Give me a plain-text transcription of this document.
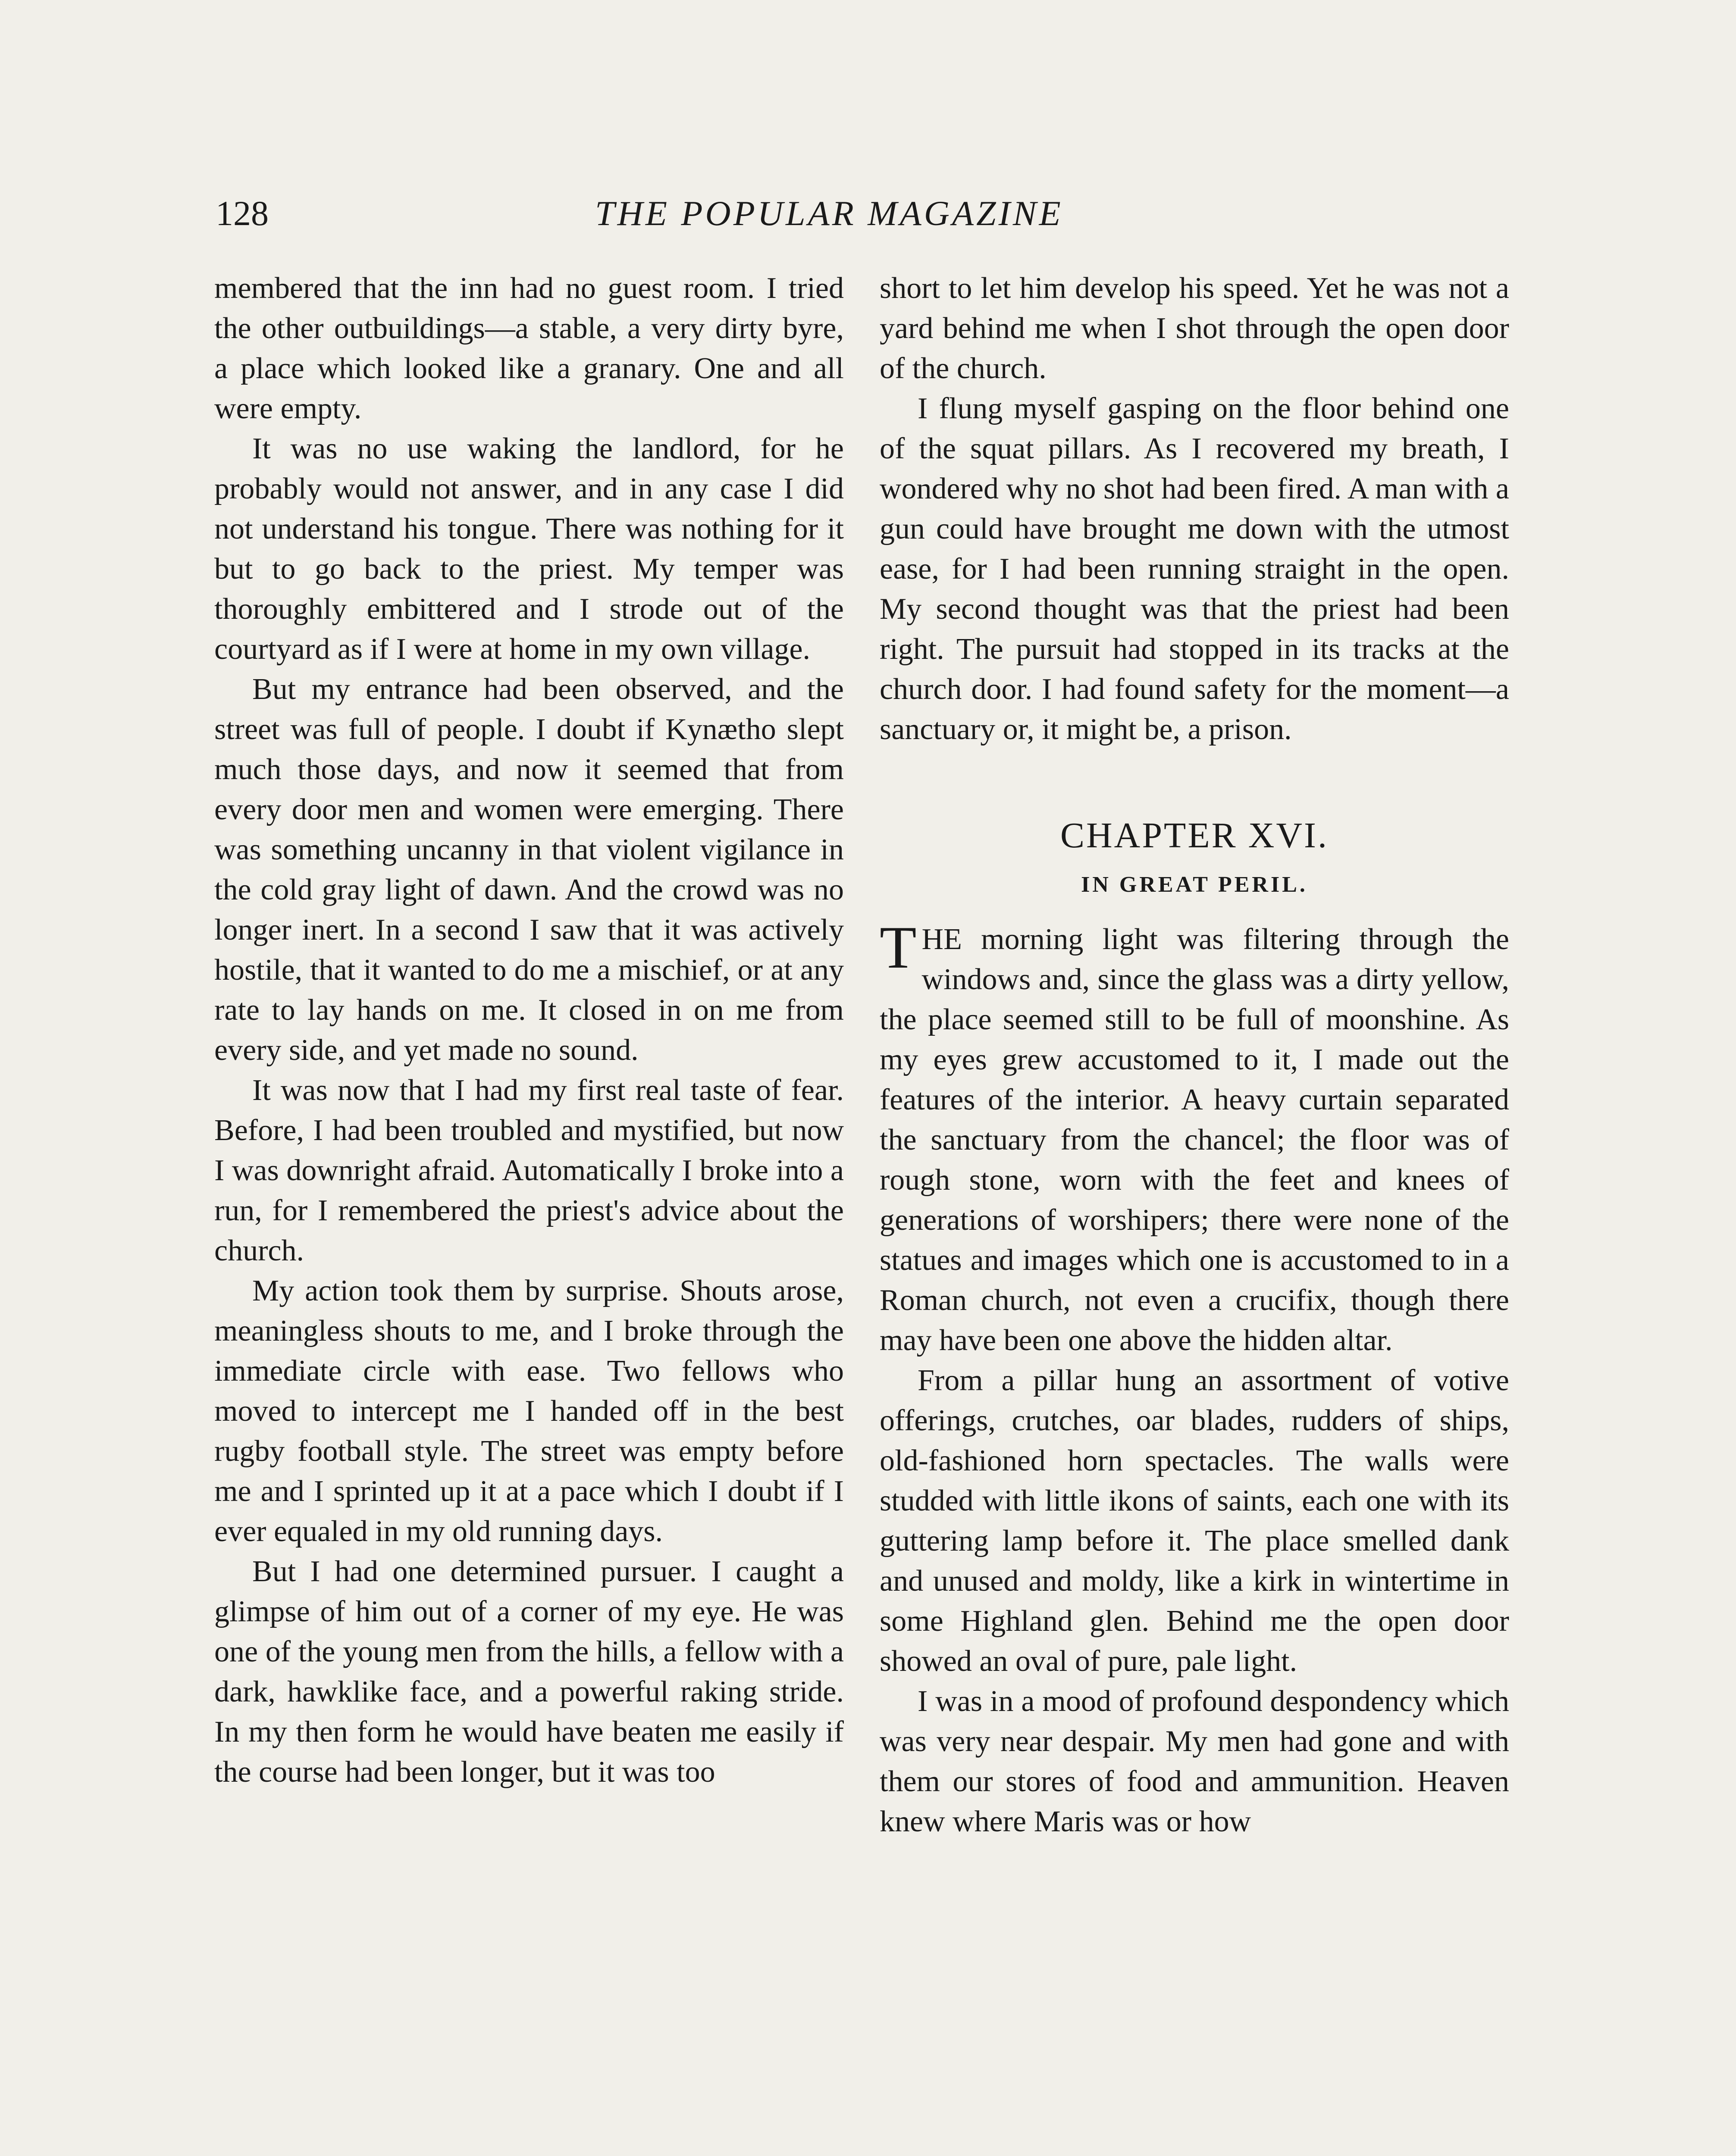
128	THE POPULAR MAGAZINE

membered that the inn had no guest room. I tried the other outbuildings—a stable, a very dirty byre, a place which looked like a granary. One and all were empty.

It was no use waking the landlord, for he probably would not answer, and in any case I did not understand his tongue. There was nothing for it but to go back to the priest. My temper was thoroughly embittered and I strode out of the courtyard as if I were at home in my own village.

But my entrance had been observed, and the street was full of people. I doubt if Kynætho slept much those days, and now it seemed that from every door men and women were emerging. There was something uncanny in that violent vigilance in the cold gray light of dawn. And the crowd was no longer inert. In a second I saw that it was actively hostile, that it wanted to do me a mischief, or at any rate to lay hands on me. It closed in on me from every side, and yet made no sound.

It was now that I had my first real taste of fear. Before, I had been troubled and mystified, but now I was downright afraid. Automatically I broke into a run, for I remembered the priest's advice about the church.

My action took them by surprise. Shouts arose, meaningless shouts to me, and I broke through the immediate circle with ease. Two fellows who moved to intercept me I handed off in the best rugby football style. The street was empty before me and I sprinted up it at a pace which I doubt if I ever equaled in my old running days.

But I had one determined pursuer. I caught a glimpse of him out of a corner of my eye. He was one of the young men from the hills, a fellow with a dark, hawklike face, and a powerful raking stride. In my then form he would have beaten me easily if the course had been longer, but it was too

short to let him develop his speed. Yet he was not a yard behind me when I shot through the open door of the church.

I flung myself gasping on the floor behind one of the squat pillars. As I recovered my breath, I wondered why no shot had been fired. A man with a gun could have brought me down with the utmost ease, for I had been running straight in the open. My second thought was that the priest had been right. The pursuit had stopped in its tracks at the church door. I had found safety for the moment—a sanctuary or, it might be, a prison.

CHAPTER XVI.
IN GREAT PERIL.

THE morning light was filtering through the windows and, since the glass was a dirty yellow, the place seemed still to be full of moonshine. As my eyes grew accustomed to it, I made out the features of the interior. A heavy curtain separated the sanctuary from the chancel; the floor was of rough stone, worn with the feet and knees of generations of worshipers; there were none of the statues and images which one is accustomed to in a Roman church, not even a crucifix, though there may have been one above the hidden altar.

From a pillar hung an assortment of votive offerings, crutches, oar blades, rudders of ships, old-fashioned horn spectacles. The walls were studded with little ikons of saints, each one with its guttering lamp before it. The place smelled dank and unused and moldy, like a kirk in wintertime in some Highland glen. Behind me the open door showed an oval of pure, pale light.

I was in a mood of profound despondency which was very near despair. My men had gone and with them our stores of food and ammunition. Heaven knew where Maris was or how
